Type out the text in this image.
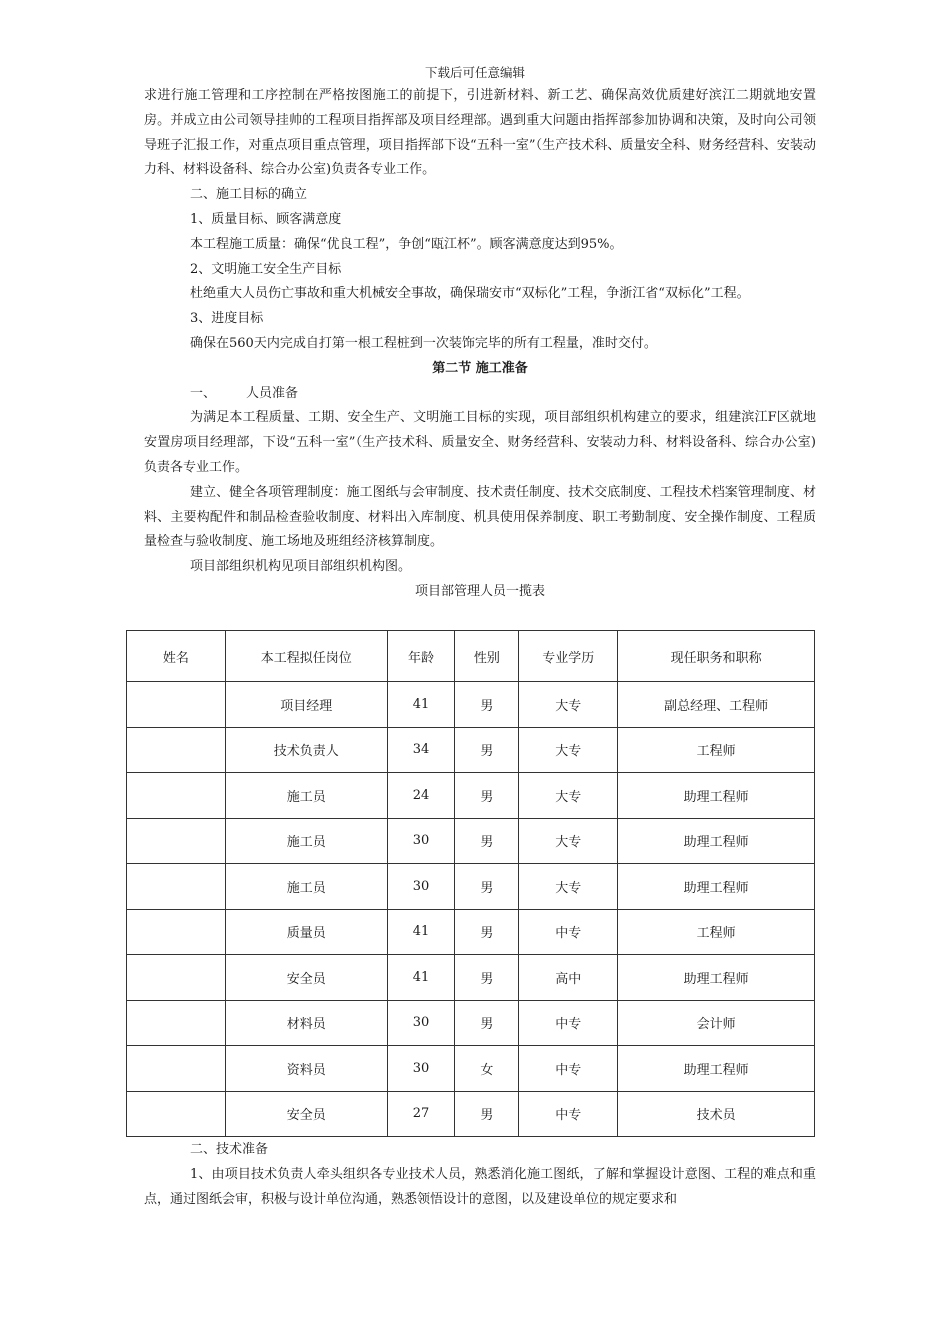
下载后可任意编辑

求进行施工管理和工序控制在严格按图施工的前提下，引进新材料、新工艺、确保高效优质建好滨江二期就地安置房。并成立由公司领导挂帅的工程项目指挥部及项目经理部。遇到重大问题由指挥部参加协调和决策，及时向公司领导班子汇报工作，对重点项目重点管理，项目指挥部下设“五科一室”（生产技术科、质量安全科、财务经营科、安装动力科、材料设备科、综合办公室)负责各专业工作。

二、施工目标的确立

1、质量目标、顾客满意度

本工程施工质量：确保“优良工程”，争创“瓯江杯”。顾客满意度达到95%。

2、文明施工安全生产目标

杜绝重大人员伤亡事故和重大机械安全事故，确保瑞安市“双标化”工程，争浙江省“双标化”工程。

3、进度目标

确保在560天内完成自打第一根工程桩到一次装饰完毕的所有工程量，准时交付。

第二节 施工准备

一、 人员准备

为满足本工程质量、工期、安全生产、文明施工目标的实现，项目部组织机构建立的要求，组建滨江F区就地安置房项目经理部，下设“五科一室”（生产技术科、质量安全、财务经营科、安装动力科、材料设备科、综合办公室)负责各专业工作。

建立、健全各项管理制度：施工图纸与会审制度、技术责任制度、技术交底制度、工程技术档案管理制度、材料、主要构配件和制品检查验收制度、材料出入库制度、机具使用保养制度、职工考勤制度、安全操作制度、工程质量检查与验收制度、施工场地及班组经济核算制度。

项目部组织机构见项目部组织机构图。

项目部管理人员一揽表

姓名	本工程拟任岗位	年龄	性别	专业学历	现任职务和职称
	项目经理	41	男	大专	副总经理、工程师
	技术负责人	34	男	大专	工程师
	施工员	24	男	大专	助理工程师
	施工员	30	男	大专	助理工程师
	施工员	30	男	大专	助理工程师
	质量员	41	男	中专	工程师
	安全员	41	男	高中	助理工程师
	材料员	30	男	中专	会计师
	资料员	30	女	中专	助理工程师
	安全员	27	男	中专	技术员

二、技术准备

1、由项目技术负责人牵头组织各专业技术人员，熟悉消化施工图纸，了解和掌握设计意图、工程的难点和重点，通过图纸会审，积极与设计单位沟通，熟悉领悟设计的意图，以及建设单位的规定要求和
